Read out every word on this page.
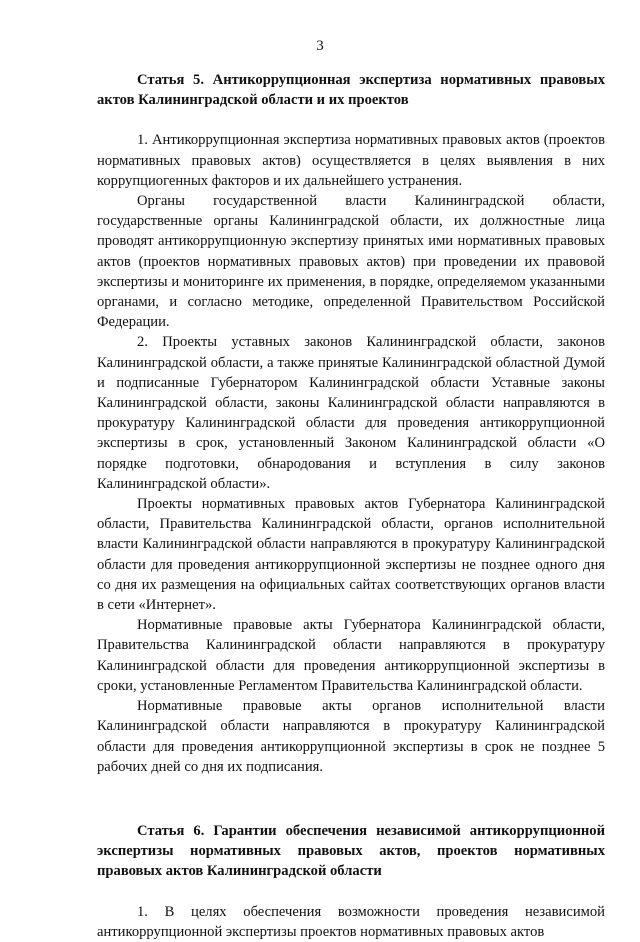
3

Статья 5. Антикоррупционная экспертиза нормативных правовых актов Калининградской области и их проектов

1. Антикоррупционная экспертиза нормативных правовых актов (проектов нормативных правовых актов) осуществляется в целях выявления в них коррупциогенных факторов и их дальнейшего устранения.

Органы государственной власти Калининградской области, государственные органы Калининградской области, их должностные лица проводят антикоррупционную экспертизу принятых ими нормативных правовых актов (проектов нормативных правовых актов) при проведении их правовой экспертизы и мониторинге их применения, в порядке, определяемом указанными органами, и согласно методике, определенной Правительством Российской Федерации.

2. Проекты уставных законов Калининградской области, законов Калининградской области, а также принятые Калининградской областной Думой и подписанные Губернатором Калининградской области Уставные законы Калининградской области, законы Калининградской области направляются в прокуратуру Калининградской области для проведения антикоррупционной экспертизы в срок, установленный Законом Калининградской области «О порядке подготовки, обнародования и вступления в силу законов Калининградской области».

Проекты нормативных правовых актов Губернатора Калининградской области, Правительства Калининградской области, органов исполнительной власти Калининградской области направляются в прокуратуру Калининградской области для проведения антикоррупционной экспертизы не позднее одного дня со дня их размещения на официальных сайтах соответствующих органов власти в сети «Интернет».

Нормативные правовые акты Губернатора Калининградской области, Правительства Калининградской области направляются в прокуратуру Калининградской области для проведения антикоррупционной экспертизы в сроки, установленные Регламентом Правительства Калининградской области.

Нормативные правовые акты органов исполнительной власти Калининградской области направляются в прокуратуру Калининградской области для проведения антикоррупционной экспертизы в срок не позднее 5 рабочих дней со дня их подписания.

Статья 6. Гарантии обеспечения независимой антикоррупционной экспертизы нормативных правовых актов, проектов нормативных правовых актов Калининградской области

1. В целях обеспечения возможности проведения независимой антикоррупционной экспертизы проектов нормативных правовых актов
